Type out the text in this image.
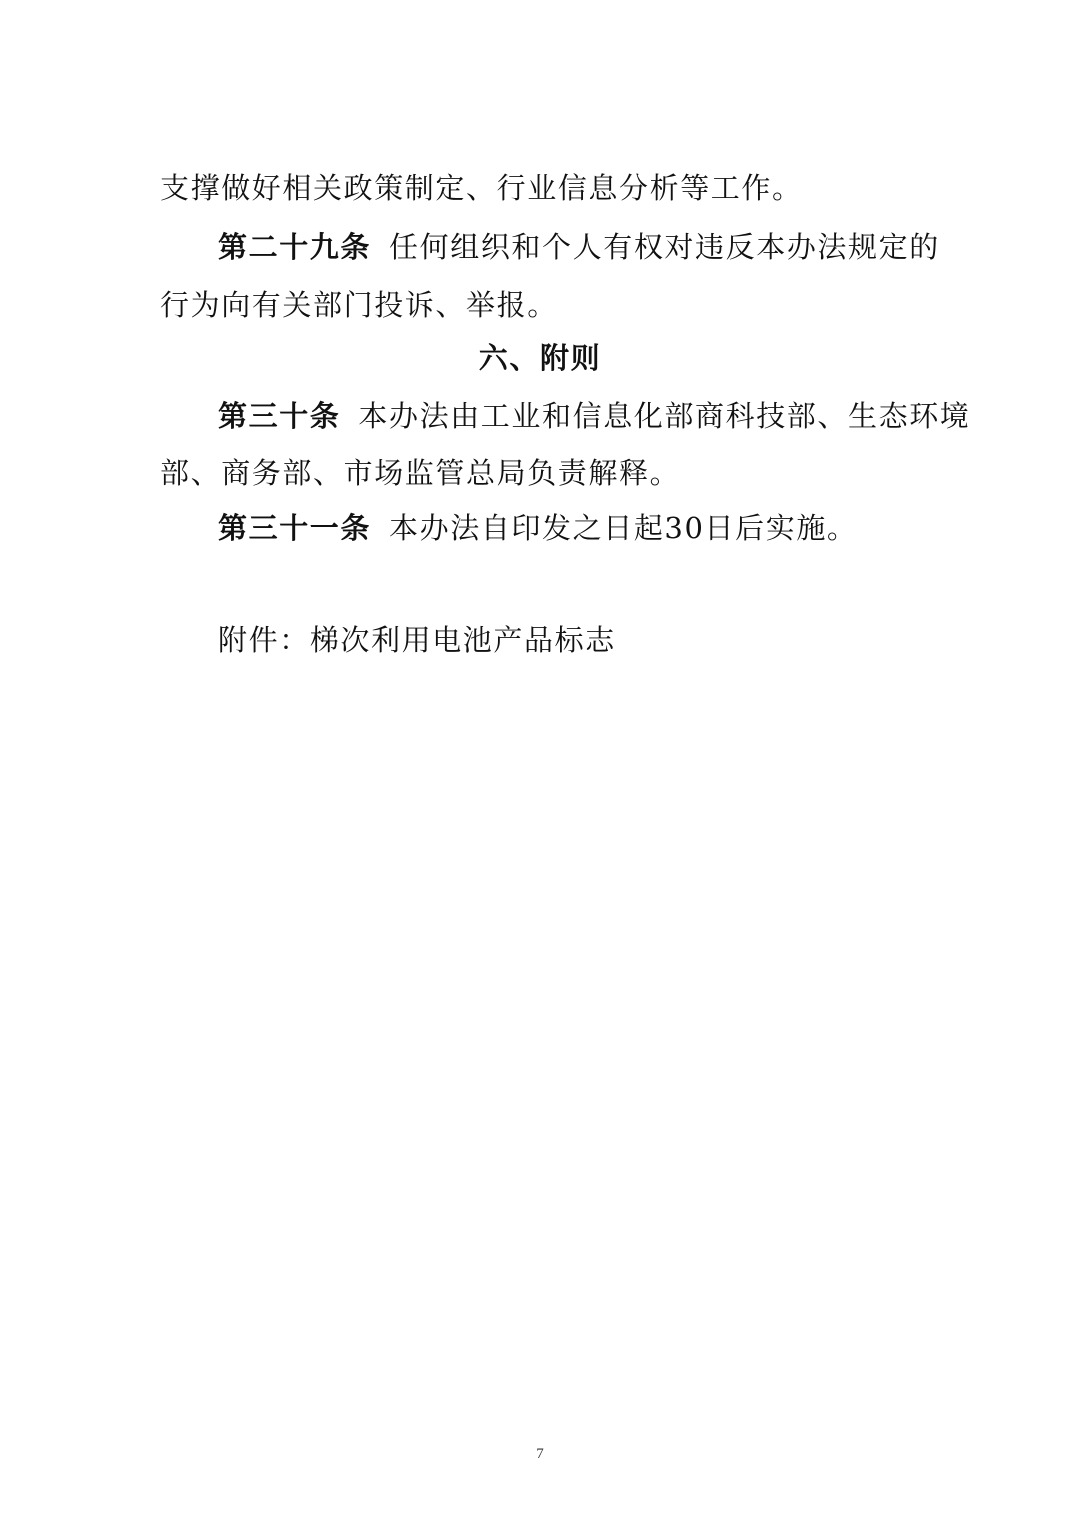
支撑做好相关政策制定、行业信息分析等工作。
第二十九条 任何组织和个人有权对违反本办法规定的
行为向有关部门投诉、举报。
六、附则
第三十条 本办法由工业和信息化部商科技部、生态环境
部、商务部、市场监管总局负责解释。
第三十一条 本办法自印发之日起30日后实施。
附件：梯次利用电池产品标志
7
